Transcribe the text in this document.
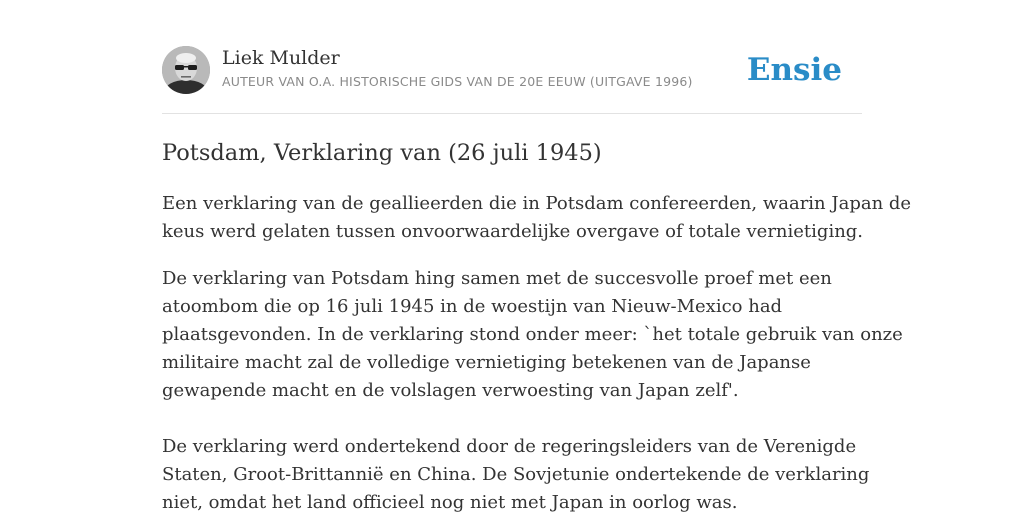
Liek Mulder
AUTEUR VAN O.A. HISTORISCHE GIDS VAN DE 20E EEUW (UITGAVE 1996) Ensie
Potsdam, Verklaring van (26 juli 1945)

Een verklaring van de geallieerden die in Potsdam confereerden, waarin Japan de
keus werd gelaten tussen onvoorwaardelijke overgave of totale vernietiging.

De verklaring van Potsdam hing samen met de succesvolle proef met een
atoombom die op 16 juli 1945 in de woestijn van Nieuw-Mexico had
plaatsgevonden. In de verklaring stond onder meer: `het totale gebruik van onze
militaire macht zal de volledige vernietiging betekenen van de Japanse
gewapende macht en de volslagen verwoesting van Japan zelf'.
De verklaring werd ondertekend door de regeringsleiders van de Verenigde
Staten, Groot-Brittannië en China. De Sovjetunie ondertekende de verklaring
niet, omdat het land officieel nog niet met Japan in oorlog was.
